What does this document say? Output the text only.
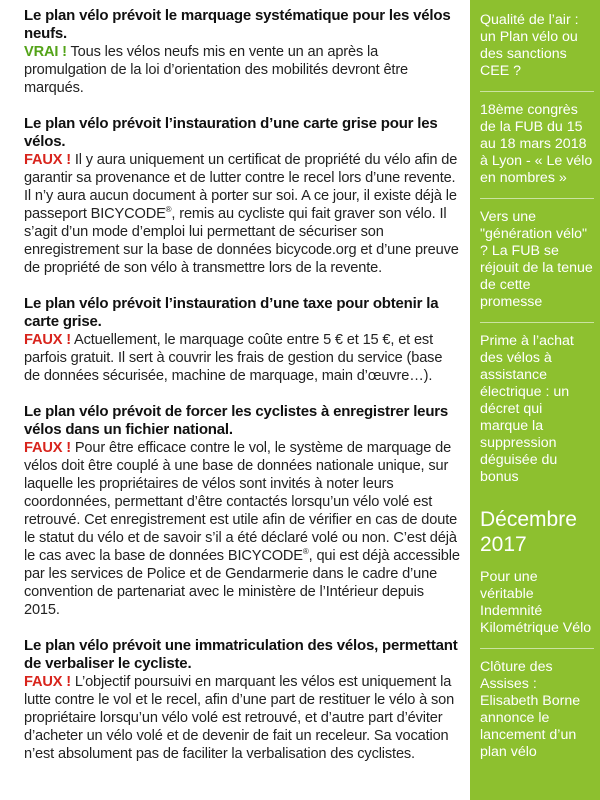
Le plan vélo prévoit le marquage systématique pour les vélos neufs.

VRAI ! Tous les vélos neufs mis en vente un an après la promulgation de la loi d’orientation des mobilités devront être marqués.

Le plan vélo prévoit l’instauration d’une carte grise pour les vélos.

FAUX ! Il y aura uniquement un certificat de propriété du vélo afin de garantir sa provenance et de lutter contre le recel lors d’une revente. Il n’y aura aucun document à porter sur soi. A ce jour, il existe déjà le passeport BICYCODE®, remis au cycliste qui fait graver son vélo. Il s’agit d’un mode d’emploi lui permettant de sécuriser son enregistrement sur la base de données bicycode.org et d’une preuve de propriété de son vélo à transmettre lors de la revente.

Le plan vélo prévoit l’instauration d’une taxe pour obtenir la carte grise.

FAUX ! Actuellement, le marquage coûte entre 5 € et 15 €, et est parfois gratuit. Il sert à couvrir les frais de gestion du service (base de données sécurisée, machine de marquage, main d’œuvre…).

Le plan vélo prévoit de forcer les cyclistes à enregistrer leurs vélos dans un fichier national.

FAUX ! Pour être efficace contre le vol, le système de marquage de vélos doit être couplé à une base de données nationale unique, sur laquelle les propriétaires de vélos sont invités à noter leurs coordonnées, permettant d’être contactés lorsqu’un vélo volé est retrouvé. Cet enregistrement est utile afin de vérifier en cas de doute le statut du vélo et de savoir s’il a été déclaré volé ou non. C’est déjà le cas avec la base de données BICYCODE®, qui est déjà accessible par les services de Police et de Gendarmerie dans le cadre d’une convention de partenariat avec le ministère de l’Intérieur depuis 2015.

Le plan vélo prévoit une immatriculation des vélos, permettant de verbaliser le cycliste.

FAUX ! L’objectif poursuivi en marquant les vélos est uniquement la lutte contre le vol et le recel, afin d’une part de restituer le vélo à son propriétaire lorsqu’un vélo volé est retrouvé, et d’autre part d’éviter d’acheter un vélo volé et de devenir de fait un receleur. Sa vocation n’est absolument pas de faciliter la verbalisation des cyclistes.

Qualité de l’air : un Plan vélo ou des sanctions CEE ?
18ème congrès de la FUB du 15 au 18 mars 2018 à Lyon - « Le vélo en nombres »
Vers une "génération vélo" ? La FUB se réjouit de la tenue de cette promesse
Prime à l’achat des vélos à assistance électrique : un décret qui marque la suppression déguisée du bonus
Décembre 2017
Pour une véritable Indemnité Kilométrique Vélo
Clôture des Assises : Elisabeth Borne annonce le lancement d’un plan vélo
